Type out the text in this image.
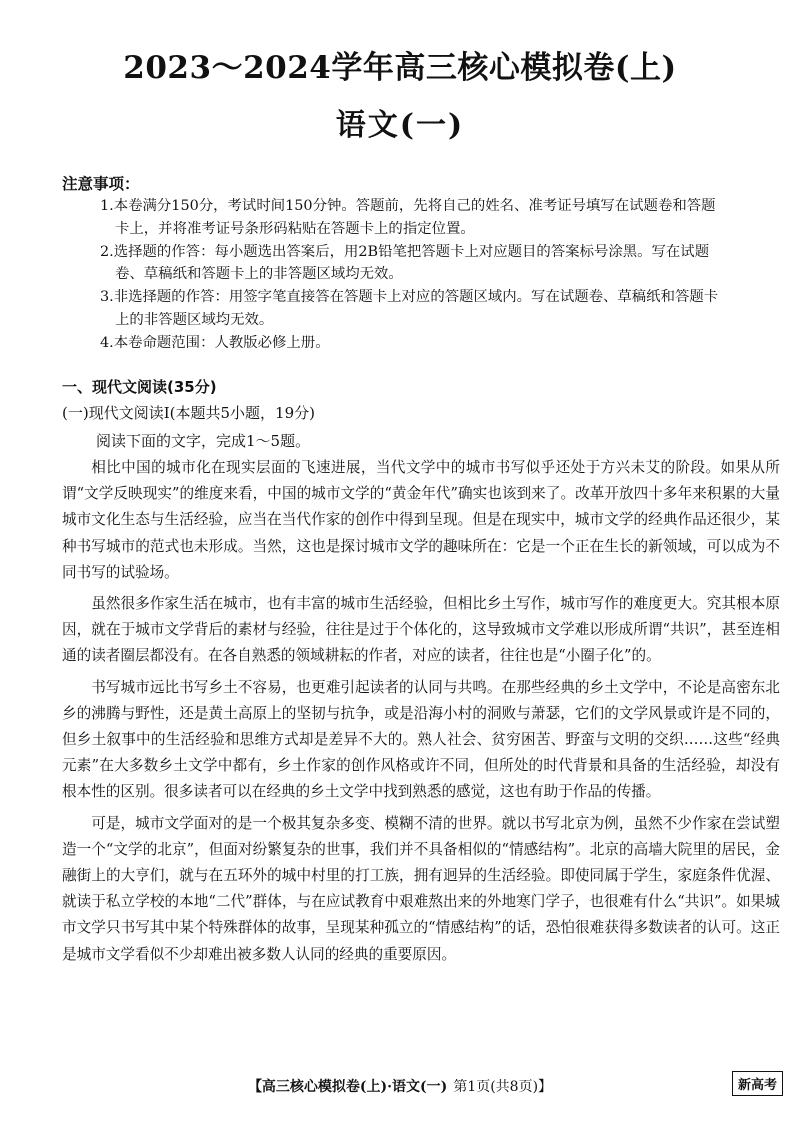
2023～2024学年高三核心模拟卷(上)
语文(一)
注意事项：
1.本卷满分150分，考试时间150分钟。答题前，先将自己的姓名、准考证号填写在试题卷和答题
卡上，并将准考证号条形码粘贴在答题卡上的指定位置。
2.选择题的作答：每小题选出答案后，用2B铅笔把答题卡上对应题目的答案标号涂黑。写在试题
卷、草稿纸和答题卡上的非答题区域均无效。
3.非选择题的作答：用签字笔直接答在答题卡上对应的答题区域内。写在试题卷、草稿纸和答题卡
上的非答题区域均无效。
4.本卷命题范围：人教版必修上册。
一、现代文阅读(35分)
(一)现代文阅读Ⅰ(本题共5小题，19分)
阅读下面的文字，完成1～5题。

相比中国的城市化在现实层面的飞速进展，当代文学中的城市书写似乎还处于方兴未艾的阶段。如果从所谓“文学反映现实”的维度来看，中国的城市文学的“黄金年代”确实也该到来了。改革开放四十多年来积累的大量城市文化生态与生活经验，应当在当代作家的创作中得到呈现。但是在现实中，城市文学的经典作品还很少，某种书写城市的范式也未形成。当然，这也是探讨城市文学的趣味所在：它是一个正在生长的新领域，可以成为不同书写的试验场。

虽然很多作家生活在城市，也有丰富的城市生活经验，但相比乡土写作，城市写作的难度更大。究其根本原因，就在于城市文学背后的素材与经验，往往是过于个体化的，这导致城市文学难以形成所谓“共识”，甚至连相通的读者圈层都没有。在各自熟悉的领域耕耘的作者，对应的读者，往往也是“小圈子化”的。

书写城市远比书写乡土不容易，也更难引起读者的认同与共鸣。在那些经典的乡土文学中，不论是高密东北乡的沸腾与野性，还是黄土高原上的坚韧与抗争，或是沿海小村的洞败与萧瑟，它们的文学风景或许是不同的，但乡土叙事中的生活经验和思维方式却是差异不大的。熟人社会、贫穷困苦、野蛮与文明的交织……这些“经典元素”在大多数乡土文学中都有，乡土作家的创作风格或许不同，但所处的时代背景和具备的生活经验，却没有根本性的区别。很多读者可以在经典的乡土文学中找到熟悉的感觉，这也有助于作品的传播。

可是，城市文学面对的是一个极其复杂多变、模糊不清的世界。就以书写北京为例，虽然不少作家在尝试塑造一个“文学的北京”，但面对纷繁复杂的世事，我们并不具备相似的“情感结构”。北京的高墙大院里的居民，金融街上的大亨们，就与在五环外的城中村里的打工族，拥有迥异的生活经验。即使同属于学生，家庭条件优渥、就读于私立学校的本地“二代”群体，与在应试教育中艰难熬出来的外地寒门学子，也很难有什么“共识”。如果城市文学只书写其中某个特殊群体的故事，呈现某种孤立的“情感结构”的话，恐怕很难获得多数读者的认可。这正是城市文学看似不少却难出被多数人认同的经典的重要原因。

【高三核心模拟卷(上)·语文(一) 第1页(共8页)】	新高考
